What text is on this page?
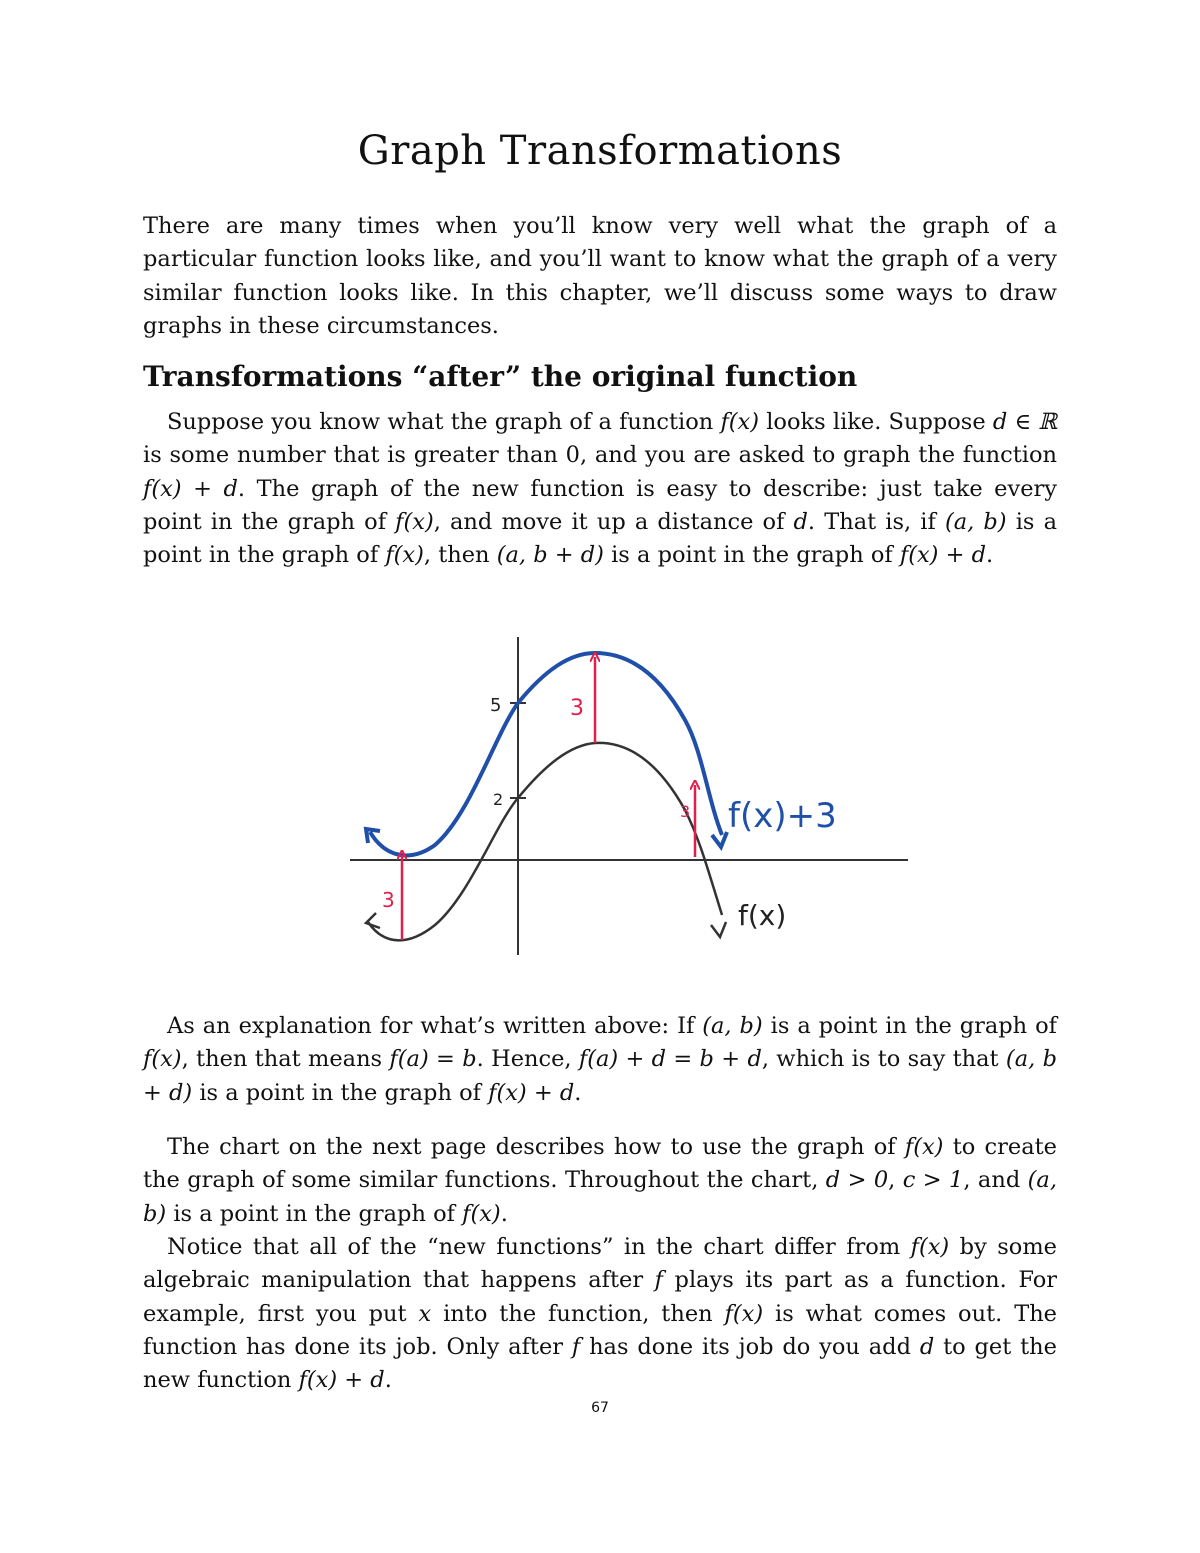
Graph Transformations

There are many times when you’ll know very well what the graph of a particular function looks like, and you’ll want to know what the graph of a very similar function looks like. In this chapter, we’ll discuss some ways to draw graphs in these circumstances.

Transformations “after” the original function

Suppose you know what the graph of a function f(x) looks like. Suppose d ∈ ℝ is some number that is greater than 0, and you are asked to graph the function f(x) + d. The graph of the new function is easy to describe: just take every point in the graph of f(x), and move it up a distance of d. That is, if (a, b) is a point in the graph of f(x), then (a, b + d) is a point in the graph of f(x) + d.

5
2
3
3
3 f(x)+3
f(x)

As an explanation for what’s written above: If (a, b) is a point in the graph of f(x), then that means f(a) = b. Hence, f(a) + d = b + d, which is to say that (a, b + d) is a point in the graph of f(x) + d.

The chart on the next page describes how to use the graph of f(x) to create the graph of some similar functions. Throughout the chart, d > 0, c > 1, and (a, b) is a point in the graph of f(x).

Notice that all of the “new functions” in the chart differ from f(x) by some algebraic manipulation that happens after f plays its part as a function. For example, first you put x into the function, then f(x) is what comes out. The function has done its job. Only after f has done its job do you add d to get the new function f(x) + d.

67
